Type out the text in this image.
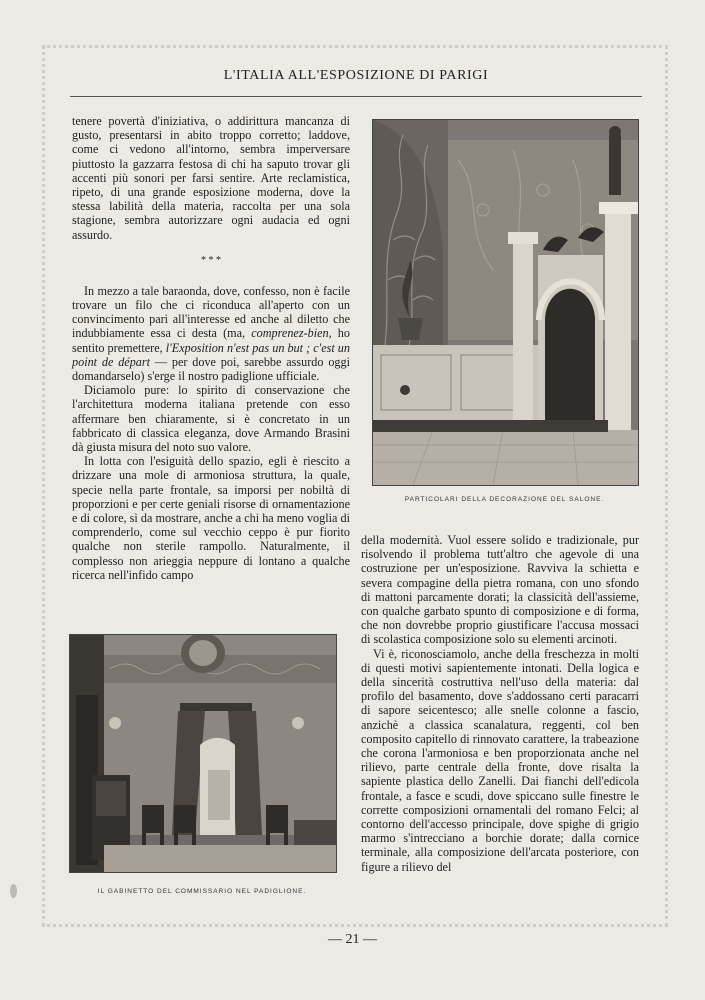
L'ITALIA ALL'ESPOSIZIONE DI PARIGI

tenere povertà d'iniziativa, o addirittura mancanza di gusto, presentarsi in abito troppo corretto; laddove, come ci vedono all'intorno, sembra imperversare piuttosto la gazzarra festosa di chi ha saputo trovar gli accenti più sonori per farsi sentire. Arte reclamistica, ripeto, di una grande esposizione moderna, dove la stessa labilità della materia, raccolta per una sola stagione, sembra autorizzare ogni audacia ed ogni assurdo.

* * *

In mezzo a tale baraonda, dove, confesso, non è facile trovare un filo che ci riconduca all'aperto con un convincimento pari all'interesse ed anche al diletto che indubbiamente essa ci desta (ma, comprenez-bien, ho sentito premettere, l'Exposition n'est pas un but ; c'est un point de départ — per dove poi, sarebbe assurdo oggi domandarselo) s'erge il nostro padiglione ufficiale.

Diciamolo pure: lo spirito di conservazione che l'architettura moderna italiana pretende con esso affermare ben chiaramente, si è concretato in un fabbricato di classica eleganza, dove Armando Brasini dà giusta misura del noto suo valore.

In lotta con l'esiguità dello spazio, egli è riescito a drizzare una mole di armoniosa struttura, la quale, specie nella parte frontale, sa imporsi per nobiltà di proporzioni e per certe geniali risorse di ornamentazione e di colore, sì da mostrare, anche a chi ha meno voglia di comprenderlo, come sul vecchio ceppo è pur fiorito qualche non sterile rampollo. Naturalmente, il complesso non arieggia neppure di lontano a qualche ricerca nell'infido campo

PARTICOLARI DELLA DECORAZIONE DEL SALONE.
IL GABINETTO DEL COMMISSARIO NEL PADIGLIONE.

della modernità. Vuol essere solido e tradizionale, pur risolvendo il problema tutt'altro che agevole di una costruzione per un'esposizione. Ravviva la schietta e severa compagine della pietra romana, con uno sfondo di mattoni parcamente dorati; la classicità dell'assieme, con qualche garbato spunto di composizione e di forma, che non dovrebbe proprio giustificare l'accusa mossaci di scolastica composizione solo su elementi arcinoti.

Vi è, riconosciamolo, anche della freschezza in molti di questi motivi sapientemente intonati. Della logica e della sincerità costruttiva nell'uso della materia: dal profilo del basamento, dove s'addossano certi paracarri di sapore seicentesco; alle snelle colonne a fascio, anzichè a classica scanalatura, reggenti, col ben composito capitello di rinnovato carattere, la trabeazione che corona l'armoniosa e ben proporzionata anche nel rilievo, parte centrale della fronte, dove risalta la sapiente plastica dello Zanelli. Dai fianchi dell'edicola frontale, a fasce e scudi, dove spiccano sulle finestre le corrette composizioni ornamentali del romano Felci; al contorno dell'accesso principale, dove spighe di grigio marmo s'intrecciano a borchie dorate; dalla cornice terminale, alla composizione dell'arcata posteriore, con figure a rilievo del

— 21 —
